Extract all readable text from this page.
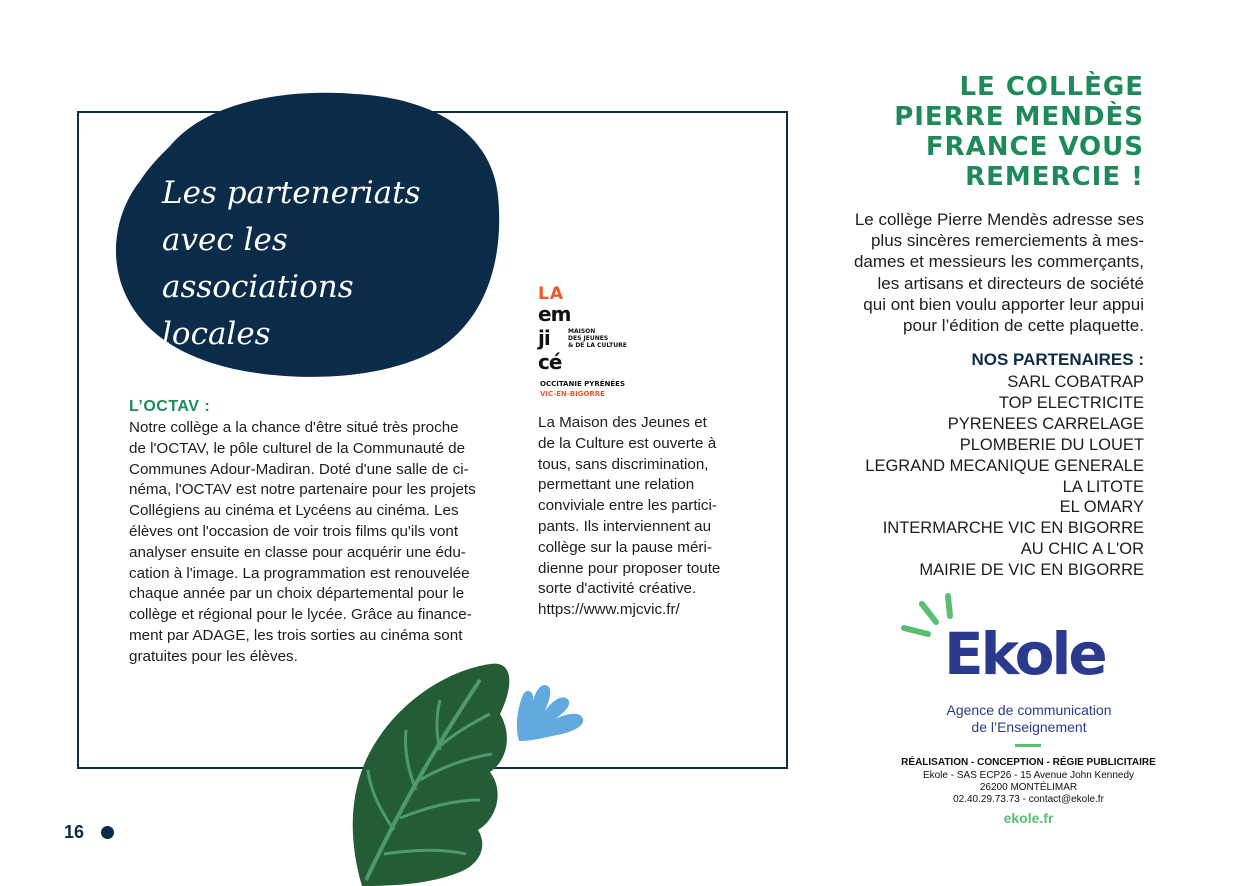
Les parteneriats
avec les associations
locales
LA
em
ji
cé
MAISON
DES JEUNES
& DE LA CULTURE
OCCITANIE PYRÉNÉES
VIC-EN-BIGORRE
L’OCTAV :
Notre collège a la chance d'être situé très proche
de l'OCTAV, le pôle culturel de la Communauté de
Communes Adour-Madiran. Doté d'une salle de ci-
néma, l'OCTAV est notre partenaire pour les projets
Collégiens au cinéma et Lycéens au cinéma. Les
élèves ont l'occasion de voir trois films qu'ils vont
analyser ensuite en classe pour acquérir une édu-
cation à l'image. La programmation est renouvelée
chaque année par un choix départemental pour le
collège et régional pour le lycée. Grâce au finance-
ment par ADAGE, les trois sorties au cinéma sont
gratuites pour les élèves.
La Maison des Jeunes et
de la Culture est ouverte à
tous, sans discrimination,
permettant une relation
conviviale entre les partici-
pants. Ils interviennent au
collège sur la pause méri-
dienne pour proposer toute
sorte d'activité créative.
https://www.mjcvic.fr/
16
LE COLLÈGE
PIERRE MENDÈS
FRANCE VOUS
REMERCIE !
Le collège Pierre Mendès adresse ses
plus sincères remerciements à mes-
dames et messieurs les commerçants,
les artisans et directeurs de société
qui ont bien voulu apporter leur appui
pour l’édition de cette plaquette.
NOS PARTENAIRES :
SARL COBATRAP
TOP ELECTRICITE
PYRENEES CARRELAGE
PLOMBERIE DU LOUET
LEGRAND MECANIQUE GENERALE
LA LITOTE
EL OMARY
INTERMARCHE VIC EN BIGORRE
AU CHIC A L'OR
MAIRIE DE VIC EN BIGORRE
Ekole
Agence de communication
de l’Enseignement
RÉALISATION - CONCEPTION - RÉGIE PUBLICITAIRE
Ekole - SAS ECP26 - 15 Avenue John Kennedy
26200 MONTÉLIMAR
02.40.29.73.73 - contact@ekole.fr
ekole.fr
